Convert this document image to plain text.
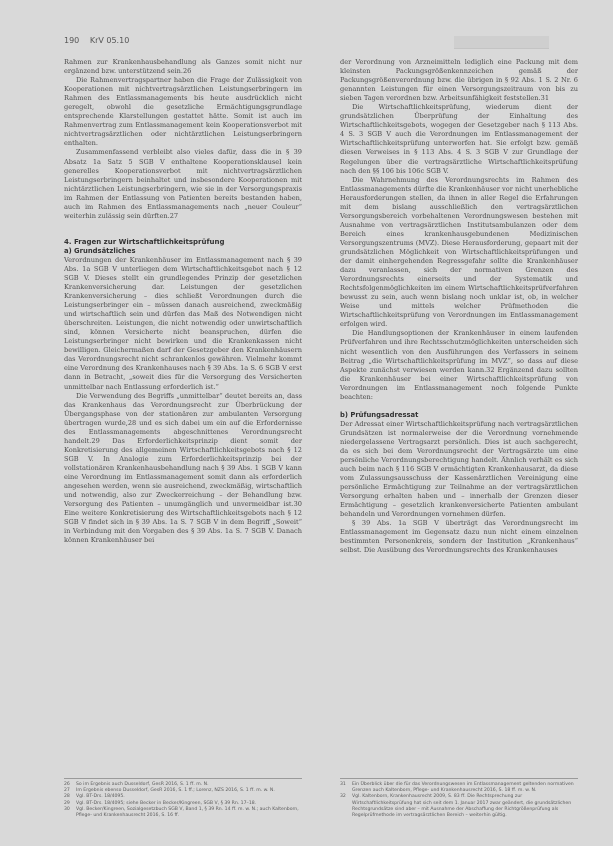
190 KrV 05.10

Rahmen zur Krankenhausbehandlung als Ganzes somit nicht nur ergänzend bzw. unterstützend sein.26

Die Rahmenvertragspartner haben die Frage der Zulässigkeit von Kooperationen mit nichtvertragsärztlichen Leistungserbringern im Rahmen des Entlassmanagements bis heute ausdrücklich nicht geregelt, obwohl die gesetzliche Ermächtigungsgrundlage entsprechende Klarstellungen gestattet hätte. Somit ist auch im Rahmenvertrag zum Entlassmanagement kein Kooperationsverbot mit nichtvertragsärztlichen oder nichtärztlichen Leistungserbringern enthalten.

Zusammenfassend verbleibt also vieles dafür, dass die in § 39 Absatz 1a Satz 5 SGB V enthaltene Kooperationsklausel kein generelles Kooperationsverbot mit nichtvertragsärztlichen Leistungserbringern beinhaltet und insbesondere Kooperationen mit nichtärztlichen Leistungserbringern, wie sie in der Versorgungspraxis im Rahmen der Entlassung von Patienten bereits bestanden haben, auch im Rahmen des Entlassmanagements nach „neuer Couleur“ weiterhin zulässig sein dürften.27

4. Fragen zur Wirtschaftlichkeitsprüfung
a) Grundsätzliches

Verordnungen der Krankenhäuser im Entlassmanagement nach § 39 Abs. 1a SGB V unterliegen dem Wirtschaftlichkeitsgebot nach § 12 SGB V. Dieses stellt ein grundlegendes Prinzip der gesetzlichen Krankenversicherung dar. Leistungen der gesetzlichen Krankenversicherung – dies schließt Verordnungen durch die Leistungserbringer ein – müssen danach ausreichend, zweckmäßig und wirtschaftlich sein und dürfen das Maß des Notwendigen nicht überschreiten. Leistungen, die nicht notwendig oder unwirtschaftlich sind, können Versicherte nicht beanspruchen, dürfen die Leistungserbringer nicht bewirken und die Krankenkassen nicht bewilligen. Gleichermaßen darf der Gesetzgeber den Krankenhäusern das Verordnungsrecht nicht schrankenlos gewähren. Vielmehr kommt eine Verordnung des Krankenhauses nach § 39 Abs. 1a S. 6 SGB V erst dann in Betracht, „soweit dies für die Versorgung des Versicherten unmittelbar nach Entlassung erforderlich ist.“

Die Verwendung des Begriffs „unmittelbar“ deutet bereits an, dass das Krankenhaus das Verordnungsrecht zur Überbrückung der Übergangsphase von der stationären zur ambulanten Versorgung übertragen wurde,28 und es sich dabei um ein auf die Erfordernisse des Entlassmanagements abgeschnittenes Verordnungsrecht handelt.29 Das Erforderlichkeitsprinzip dient somit der Konkretisierung des allgemeinen Wirtschaftlichkeitsgebots nach § 12 SGB V. In Analogie zum Erforderlichkeitsprinzip bei der vollstationären Krankenhausbehandlung nach § 39 Abs. 1 SGB V kann eine Verordnung im Entlassmanagement somit dann als erforderlich angesehen werden, wenn sie ausreichend, zweckmäßig, wirtschaftlich und notwendig, also zur Zweckerreichung – der Behandlung bzw. Versorgung des Patienten – unumgänglich und unvermeidbar ist.30 Eine weitere Konkretisierung des Wirtschaftlichkeitsgebots nach § 12 SGB V findet sich in § 39 Abs. 1a S. 7 SGB V in dem Begriff „Soweit“ in Verbindung mit den Vorgaben des § 39 Abs. 1a S. 7 SGB V. Danach können Krankenhäuser bei

der Verordnung von Arzneimitteln lediglich eine Packung mit dem kleinsten Packungsgrößenkennzeichen gemäß der Packungsgrößenverordnung bzw. die übrigen in § 92 Abs. 1 S. 2 Nr. 6 genannten Leistungen für einen Versorgungszeitraum von bis zu sieben Tagen verordnen bzw. Arbeitsunfähigkeit feststellen.31

Die Wirtschaftlichkeitsprüfung, wiederum dient der grundsätzlichen Überprüfung der Einhaltung des Wirtschaftlichkeitsgebots, wogegen der Gesetzgeber nach § 113 Abs. 4 S. 3 SGB V auch die Verordnungen im Entlassmanagement der Wirtschaftlichkeitsprüfung unterworfen hat. Sie erfolgt bzw. gemäß diesen Verweises in § 113 Abs. 4 S. 3 SGB V zur Grundlage der Regelungen über die vertragsärztliche Wirtschaftlichkeitsprüfung nach den §§ 106 bis 106c SGB V.

Die Wahrnehmung des Verordnungsrechts im Rahmen des Entlassmanagements dürfte die Krankenhäuser vor nicht unerhebliche Herausforderungen stellen, da ihnen in aller Regel die Erfahrungen mit dem bislang ausschließlich den vertragsärztlichen Versorgungsbereich vorbehaltenen Verordnungswesen bestehen mit Ausnahme von vertragsärztlichen Institutsambulanzen oder dem Bereich eines krankenhausgebundenen Medizinischen Versorgungszentrums (MVZ). Diese Herausforderung, gepaart mit der grundsätzlichen Möglichkeit von Wirtschaftlichkeitsprüfungen und der damit einhergehenden Regressgefahr sollte die Krankenhäuser dazu veranlassen, sich der normativen Grenzen des Verordnungsrechts einerseits und der Systematik und Rechtsfolgenmöglichkeiten im einem Wirtschaftlichkeitsprüfverfahren bewusst zu sein, auch wenn bislang noch unklar ist, ob, in welcher Weise und mittels welcher Prüfmethoden die Wirtschaftlichkeitsprüfung von Verordnungen im Entlassmanagement erfolgen wird.

Die Handlungsoptionen der Krankenhäuser in einem laufenden Prüfverfahren und ihre Rechtsschutzmöglichkeiten unterscheiden sich nicht wesentlich von den Ausführungen des Verfassers in seinem Beitrag „die Wirtschaftlichkeitsprüfung im MVZ“, so dass auf diese Aspekte zunächst verwiesen werden kann.32 Ergänzend dazu sollten die Krankenhäuser bei einer Wirtschaftlichkeitsprüfung von Verordnungen im Entlassmanagement noch folgende Punkte beachten:

b) Prüfungsadressat

Der Adressat einer Wirtschaftlichkeitsprüfung nach vertragsärztlichen Grundsätzen ist normalerweise der die Verordnung vornehmende niedergelassene Vertragsarzt persönlich. Dies ist auch sachgerecht, da es sich bei dem Verordnungsrecht der Vertragsärzte um eine persönliche Verordnungsberechtigung handelt. Ähnlich verhält es sich auch beim nach § 116 SGB V ermächtigten Krankenhausarzt, da diese vom Zulassungsausschuss der Kassenärztlichen Vereinigung eine persönliche Ermächtigung zur Teilnahme an der vertragsärztlichen Versorgung erhalten haben und – innerhalb der Grenzen dieser Ermächtigung – gesetzlich krankenversicherte Patienten ambulant behandeln und Verordnungen vornehmen dürfen.

§ 39 Abs. 1a SGB V überträgt das Verordnungsrecht im Entlassmanagement im Gegensatz dazu nun nicht einem einzelnen bestimmten Personenkreis, sondern der Institution „Krankenhaus“ selbst. Die Ausübung des Verordnungsrechts des Krankenhauses

26	So im Ergebnis auch Dusseldorf, GesR 2016, S. 1 ff. m. N.
27	Im Ergebnis ebenso Dusseldorf, GesR 2016, S. 1 ff.; Lorenz, NZS 2016, S. 1 ff. m. w. N.
28	Vgl. BT-Drs. 18/4095.
29	Vgl. BT-Drs. 18/4095; siehe Becker in Becker/Kingreen, SGB V, § 39 Rn. 17–18.
30	Vgl. Becker/Kingreen, Sozialgesetzbuch SGB V, Band 1, § 39 Rn. 14 ff. m. w. N.; auch Kaltenborn, Pflege- und Krankenhausrecht 2016, S. 16 ff.
31	Ein Überblick über die für das Verordnungswesen im Entlassmanagement geltenden normativen Grenzen auch Kaltenborn, Pflege- und Krankenhausrecht 2016, S. 18 ff. m. w. N.
32	Vgl. Kaltenborn, Krankenhausrecht 2009, S. 83 ff. Die Rechtsprechung zur Wirtschaftlichkeitsprüfung hat sich seit dem 1. Januar 2017 zwar geändert, die grundsätzlichen Rechtsgrundsätze sind aber – mit Ausnahme der Abschaffung der Richtgrößenprüfung als Regelprüfmethode im vertragsärztlichen Bereich – weiterhin gültig.
